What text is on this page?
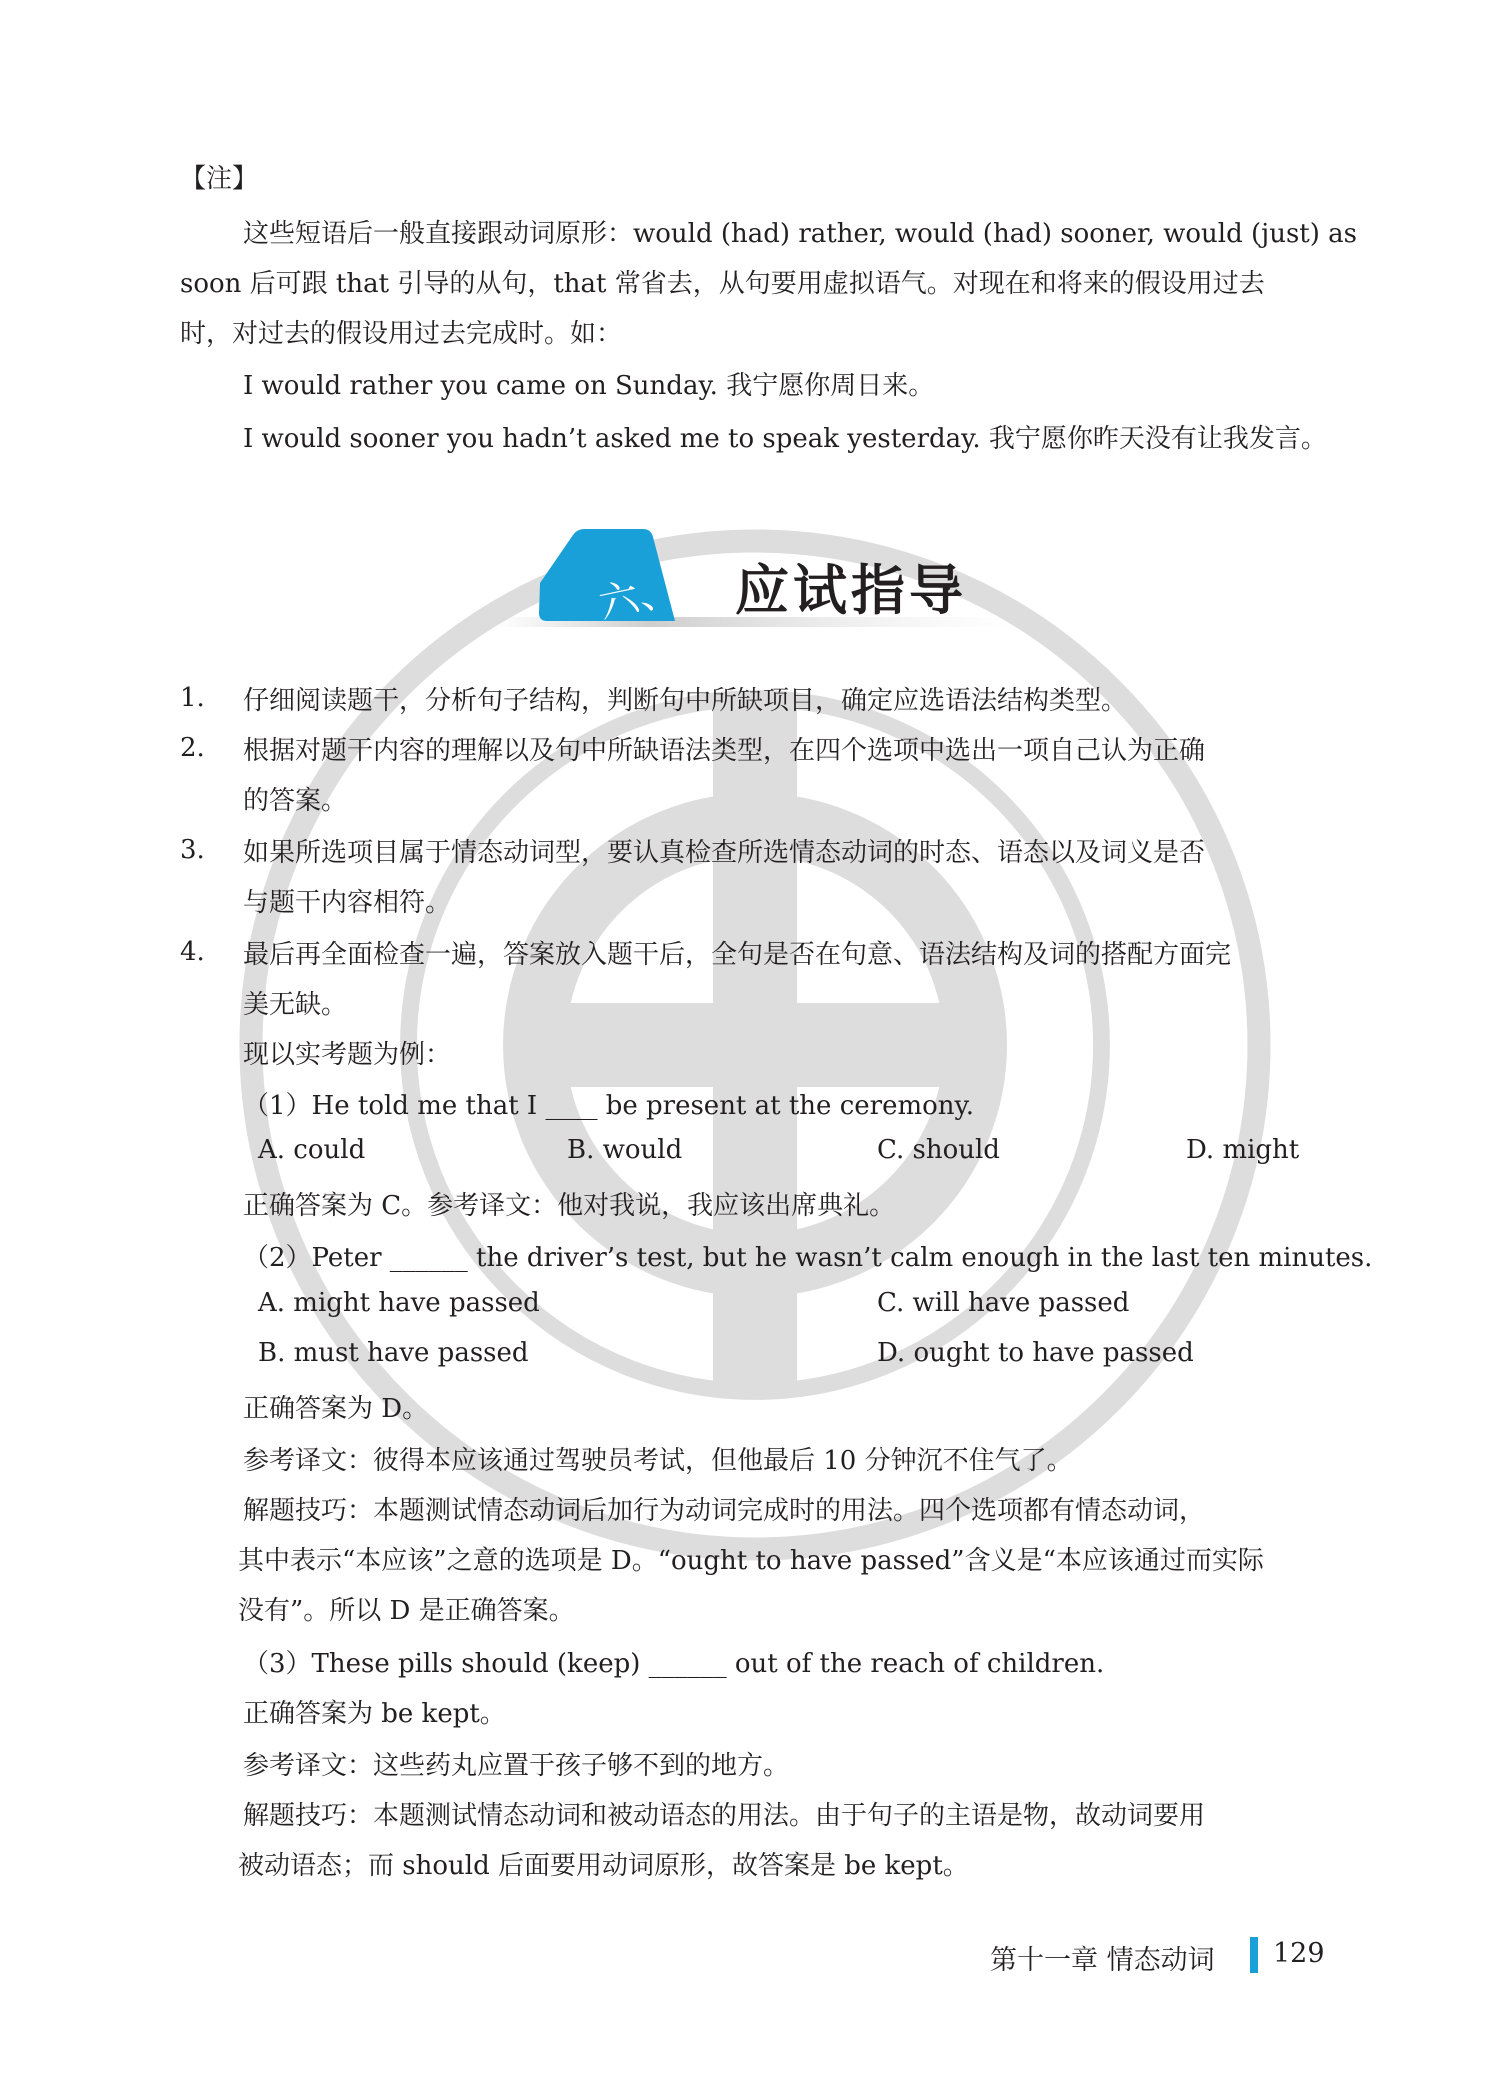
【注】
这些短语后一般直接跟动词原形：would (had) rather, would (had) sooner, would (just) as
soon 后可跟 that 引导的从句，that 常省去，从句要用虚拟语气。对现在和将来的假设用过去
时，对过去的假设用过去完成时。如：
I would rather you came on Sunday. 我宁愿你周日来。
I would sooner you hadn’t asked me to speak yesterday. 我宁愿你昨天没有让我发言。
六、 应试指导
1. 仔细阅读题干，分析句子结构，判断句中所缺项目，确定应选语法结构类型。
2. 根据对题干内容的理解以及句中所缺语法类型，在四个选项中选出一项自己认为正确
的答案。
3. 如果所选项目属于情态动词型，要认真检查所选情态动词的时态、语态以及词义是否
与题干内容相符。
4. 最后再全面检查一遍，答案放入题干后，全句是否在句意、语法结构及词的搭配方面完
美无缺。
现以实考题为例：
（1）He told me that I ____ be present at the ceremony.
A. could	B. would	C. should	D. might
正确答案为 C。参考译文：他对我说，我应该出席典礼。
（2）Peter ______ the driver’s test, but he wasn’t calm enough in the last ten minutes.
A. might have passed	C. will have passed
B. must have passed	D. ought to have passed
正确答案为 D。
参考译文：彼得本应该通过驾驶员考试，但他最后 10 分钟沉不住气了。
解题技巧：本题测试情态动词后加行为动词完成时的用法。四个选项都有情态动词，
其中表示“本应该”之意的选项是 D。“ought to have passed”含义是“本应该通过而实际
没有”。所以 D 是正确答案。
（3）These pills should (keep) ______ out of the reach of children.
正确答案为 be kept。
参考译文：这些药丸应置于孩子够不到的地方。
解题技巧：本题测试情态动词和被动语态的用法。由于句子的主语是物，故动词要用
被动语态；而 should 后面要用动词原形，故答案是 be kept。
第十一章 情态动词 129
